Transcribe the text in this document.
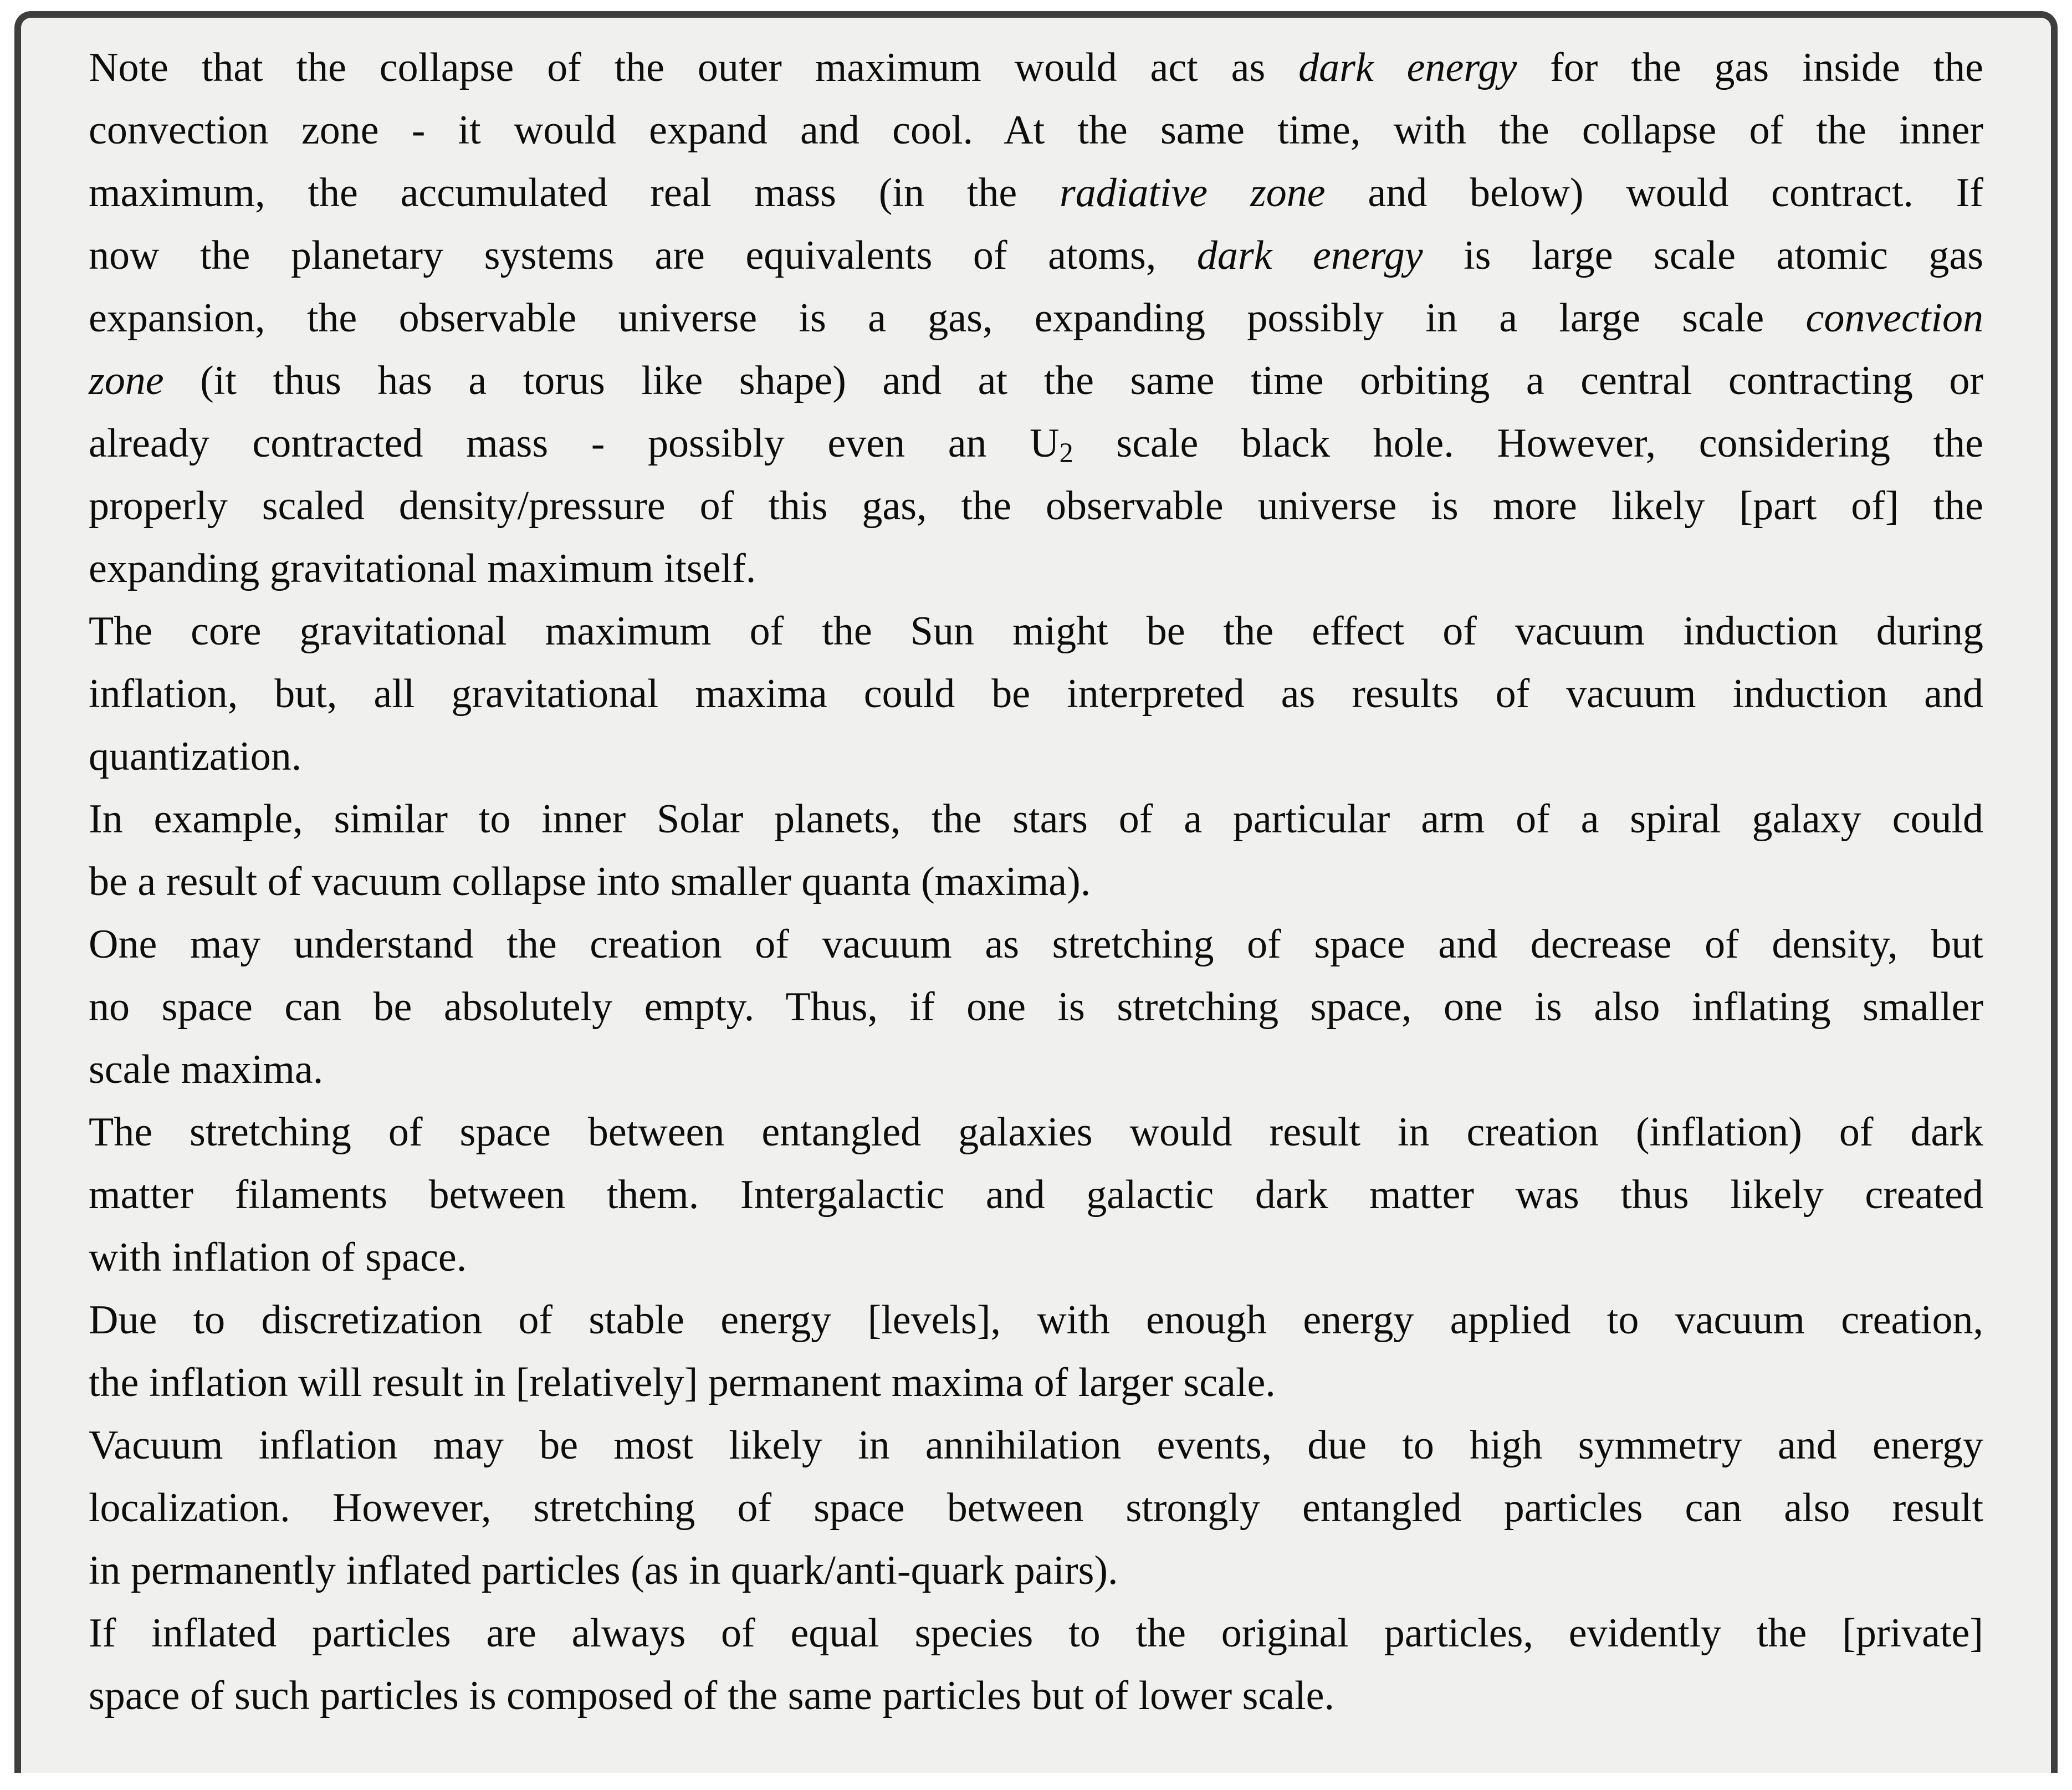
Note that the collapse of the outer maximum would act as dark energy for the gas inside the
convection zone - it would expand and cool. At the same time, with the collapse of the inner
maximum, the accumulated real mass (in the radiative zone and below) would contract. If
now the planetary systems are equivalents of atoms, dark energy is large scale atomic gas
expansion, the observable universe is a gas, expanding possibly in a large scale convection
zone (it thus has a torus like shape) and at the same time orbiting a central contracting or
already contracted mass - possibly even an U2 scale black hole. However, considering the
properly scaled density/pressure of this gas, the observable universe is more likely [part of] the
expanding gravitational maximum itself.
The core gravitational maximum of the Sun might be the effect of vacuum induction during
inflation, but, all gravitational maxima could be interpreted as results of vacuum induction and
quantization.
In example, similar to inner Solar planets, the stars of a particular arm of a spiral galaxy could
be a result of vacuum collapse into smaller quanta (maxima).
One may understand the creation of vacuum as stretching of space and decrease of density, but
no space can be absolutely empty. Thus, if one is stretching space, one is also inflating smaller
scale maxima.
The stretching of space between entangled galaxies would result in creation (inflation) of dark
matter filaments between them. Intergalactic and galactic dark matter was thus likely created
with inflation of space.
Due to discretization of stable energy [levels], with enough energy applied to vacuum creation,
the inflation will result in [relatively] permanent maxima of larger scale.
Vacuum inflation may be most likely in annihilation events, due to high symmetry and energy
localization. However, stretching of space between strongly entangled particles can also result
in permanently inflated particles (as in quark/anti-quark pairs).
If inflated particles are always of equal species to the original particles, evidently the [private]
space of such particles is composed of the same particles but of lower scale.
